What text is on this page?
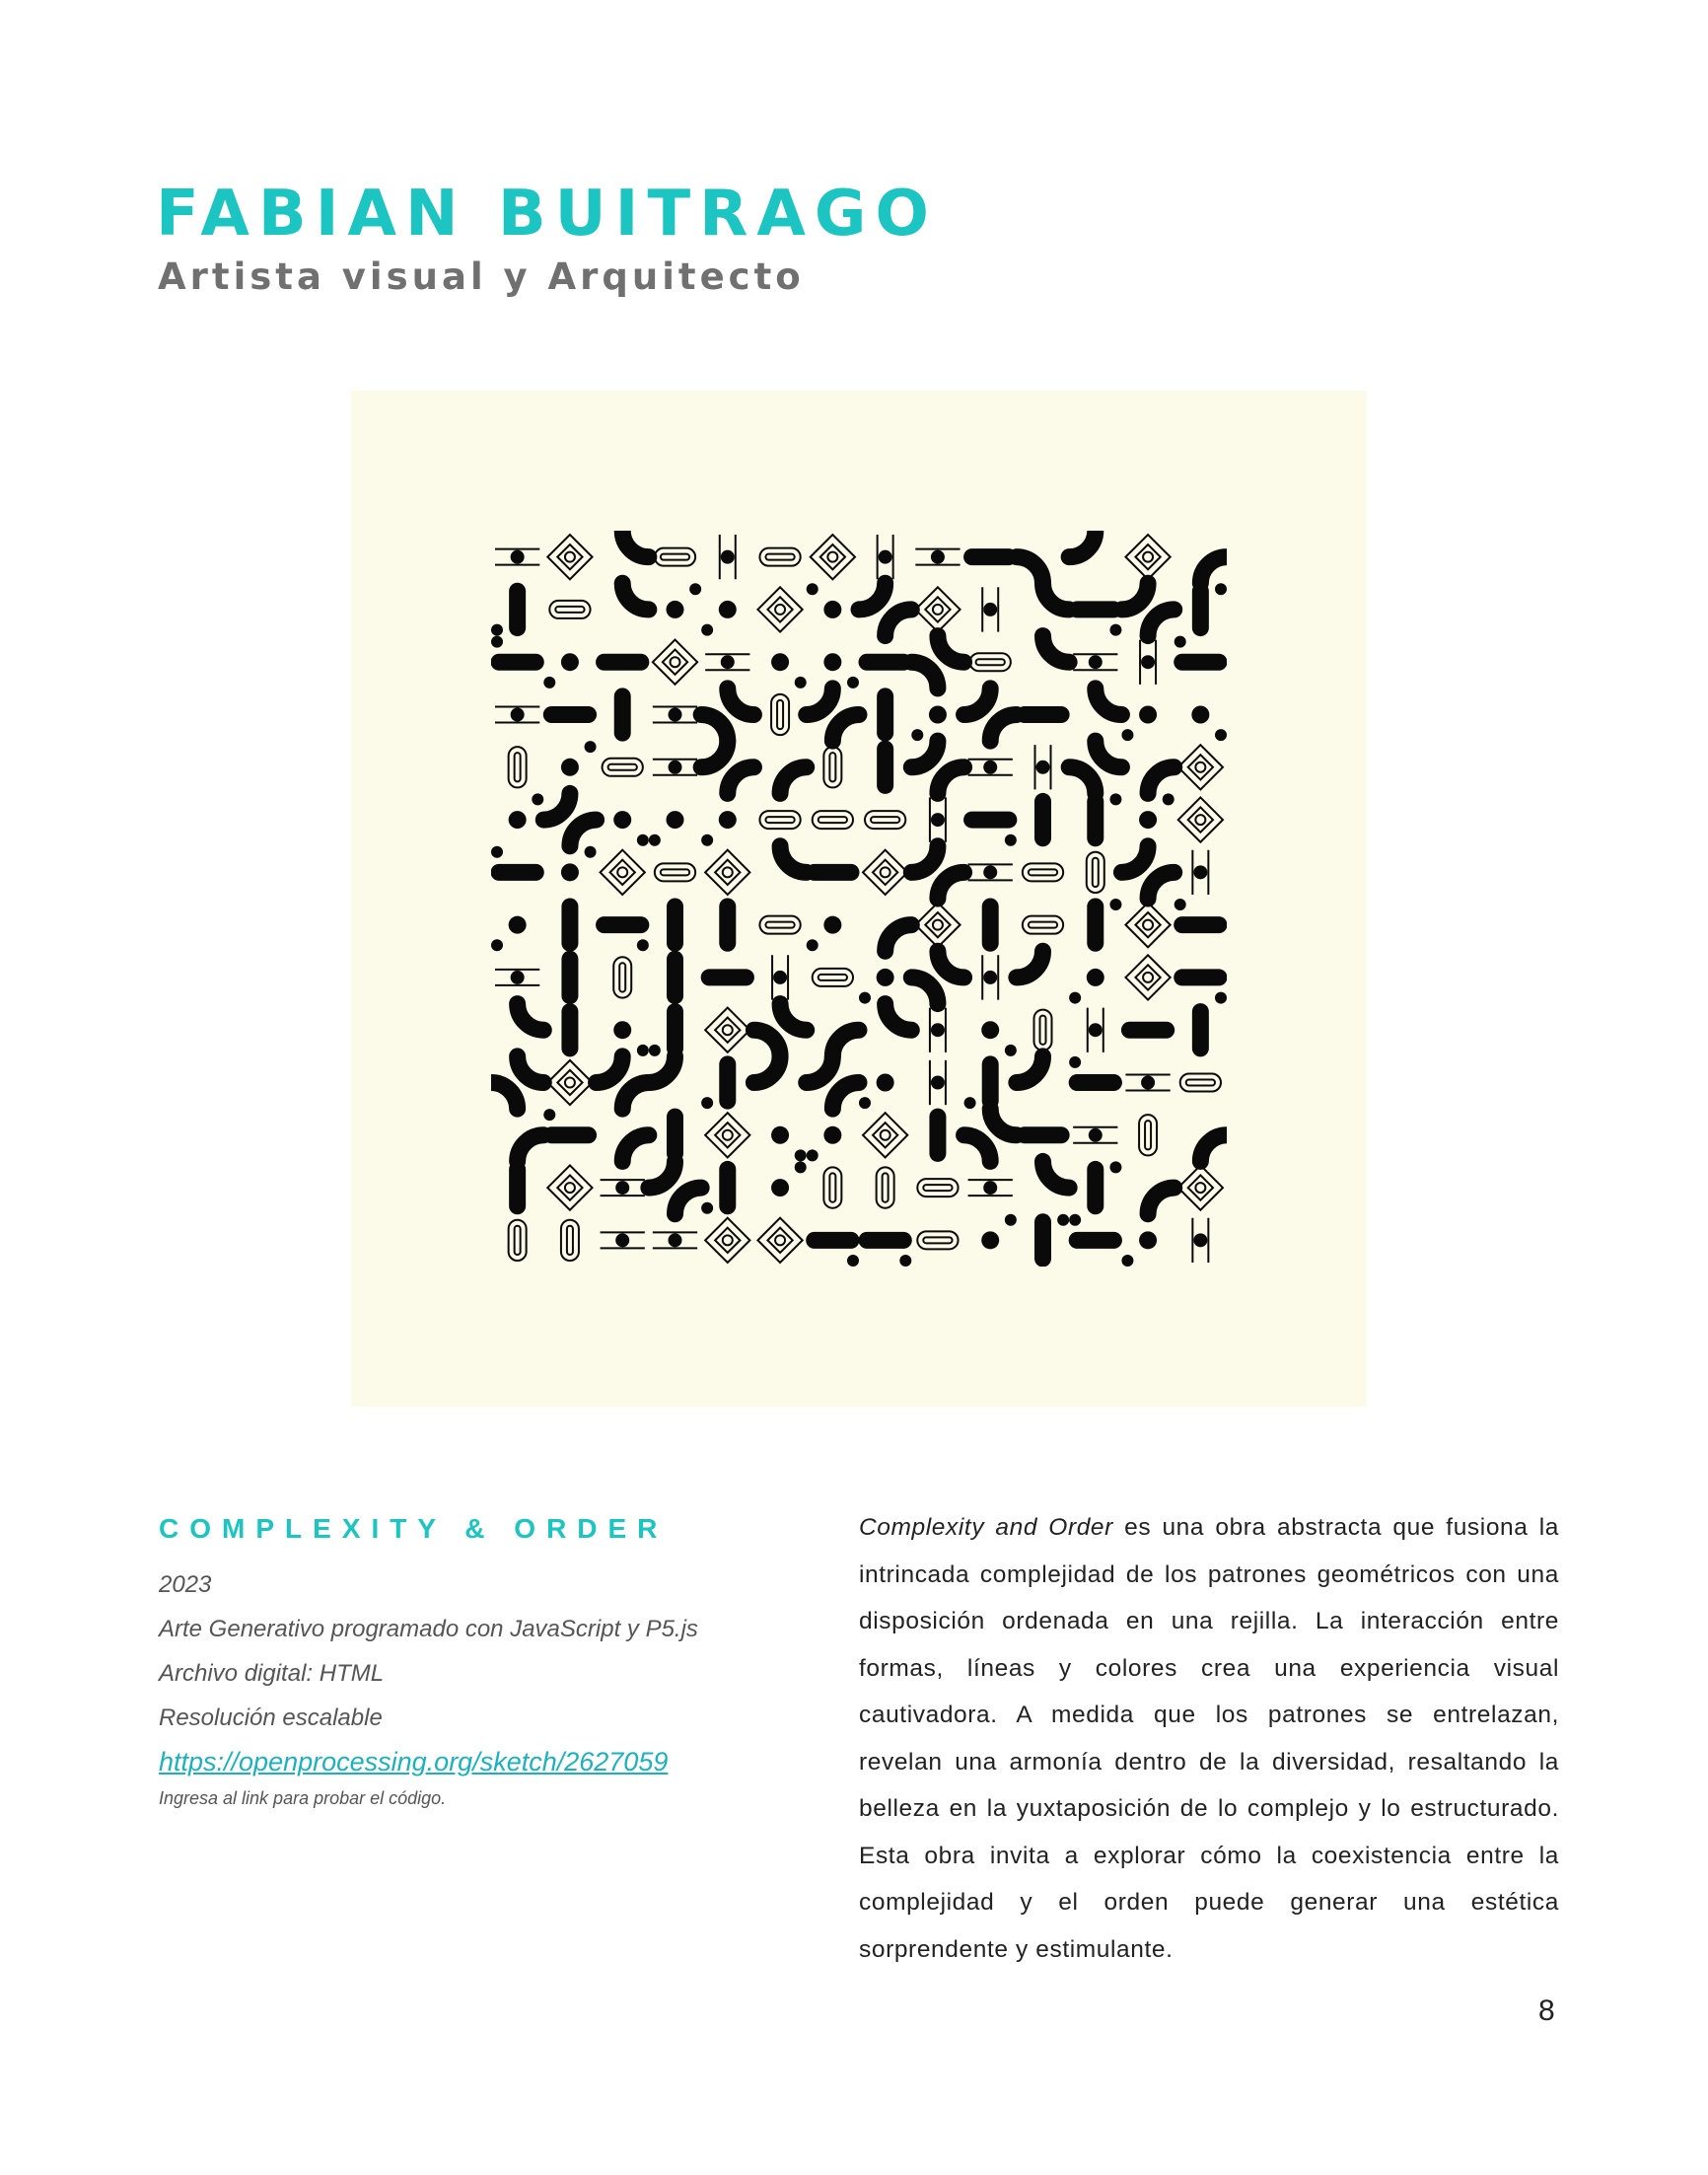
FABIAN BUITRAGO
Artista visual y Arquitecto
COMPLEXITY & ORDER

2023

Arte Generativo programado con JavaScript y P5.js

Archivo digital: HTML

Resolución escalable

https://openprocessing.org/sketch/2627059

Ingresa al link para probar el código.

Complexity and Order es una obra abstracta que fusiona la intrincada complejidad de los patrones geométricos con una disposición ordenada en una rejilla. La interacción entre formas, líneas y colores crea una experiencia visual cautivadora. A medida que los patrones se entrelazan, revelan una armonía dentro de la diversidad, resaltando la belleza en la yuxtaposición de lo complejo y lo estructurado. Esta obra invita a explorar cómo la coexistencia entre la complejidad y el orden puede generar una estética sorprendente y estimulante.

8
